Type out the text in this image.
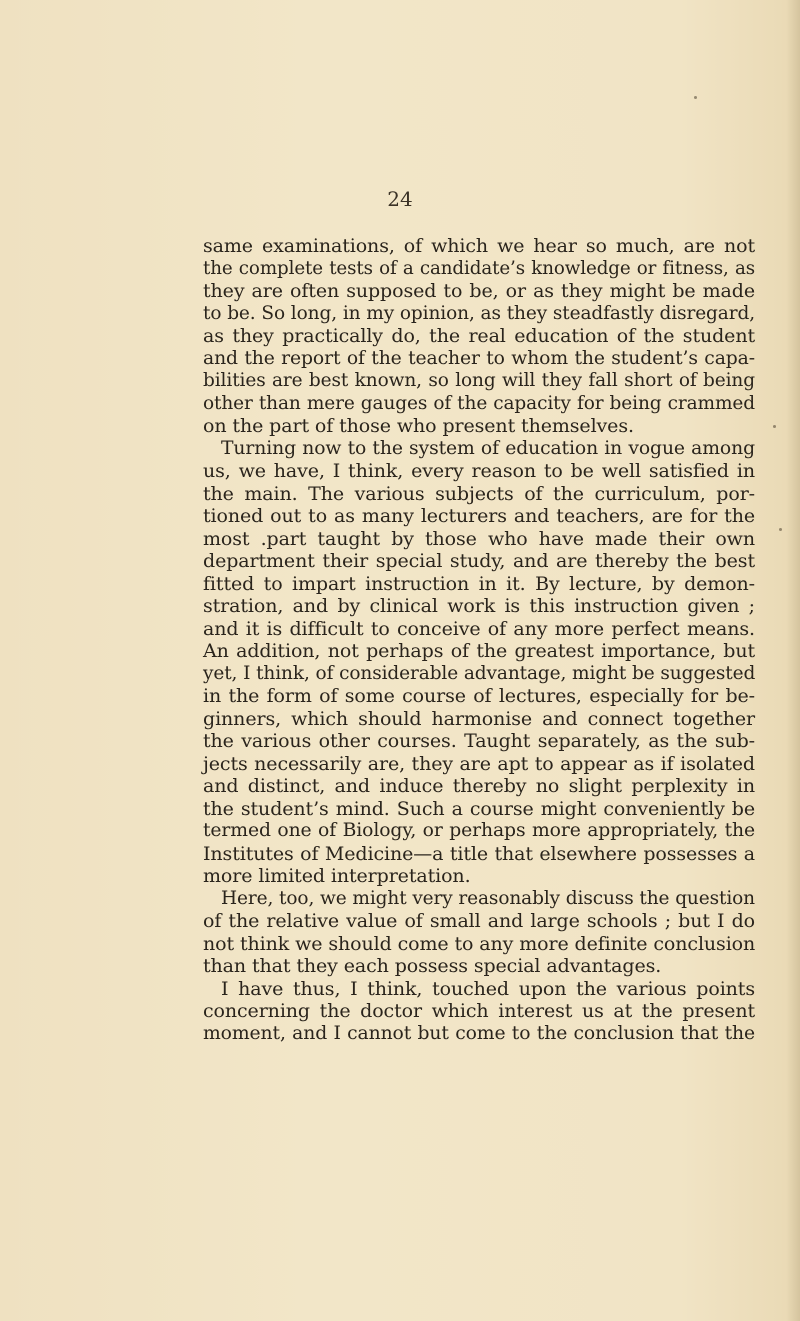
24
same examinations, of which we hear so much, are not
the complete tests of a candidate’s knowledge or fitness, as
they are often supposed to be, or as they might be made
to be. So long, in my opinion, as they steadfastly disregard,
as they practically do, the real education of the student
and the report of the teacher to whom the student’s capa-
bilities are best known, so long will they fall short of being
other than mere gauges of the capacity for being crammed
on the part of those who present themselves.
Turning now to the system of education in vogue among
us, we have, I think, every reason to be well satisfied in
the main. The various subjects of the curriculum, por-
tioned out to as many lecturers and teachers, are for the
most .part taught by those who have made their own
department their special study, and are thereby the best
fitted to impart instruction in it. By lecture, by demon-
stration, and by clinical work is this instruction given ;
and it is difficult to conceive of any more perfect means.
An addition, not perhaps of the greatest importance, but
yet, I think, of considerable advantage, might be suggested
in the form of some course of lectures, especially for be-
ginners, which should harmonise and connect together
the various other courses. Taught separately, as the sub-
jects necessarily are, they are apt to appear as if isolated
and distinct, and induce thereby no slight perplexity in
the student’s mind. Such a course might conveniently be
termed one of Biology, or perhaps more appropriately, the
Institutes of Medicine—a title that elsewhere possesses a
more limited interpretation.
Here, too, we might very reasonably discuss the question
of the relative value of small and large schools ; but I do
not think we should come to any more definite conclusion
than that they each possess special advantages.
I have thus, I think, touched upon the various points
concerning the doctor which interest us at the present
moment, and I cannot but come to the conclusion that the
